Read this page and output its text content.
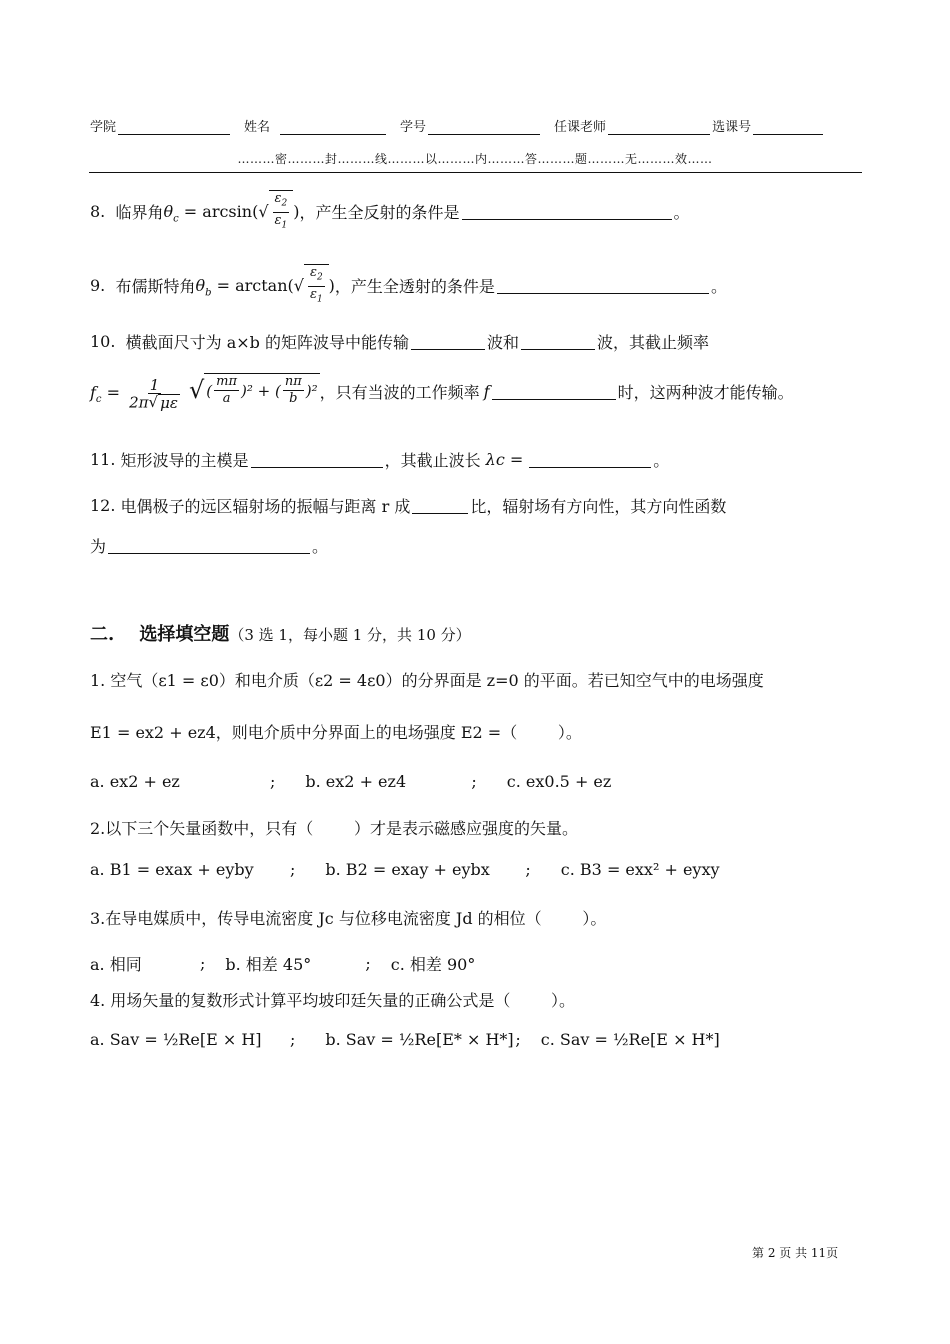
学院	姓名	学号	任课老师	选课号
………密………封………线………以………内………答………题………无………效……
8.
临界角 $\theta_c = \arcsin(√ \frac{\varepsilon_2}{\varepsilon_1}$ ) ，产生全反射的条件是	。
9.
布儒斯特角 $\theta_b = \arctan(√ \frac{\varepsilon_2}{\varepsilon_1}$ ) ，产生全透射的条件是	。
10.
横截面尺寸为 a×b 的矩阵波导中能传输	波和	波，其截止频率
$f_c = \frac{1}{2\pi√ \mu\varepsilon}$ √ ( $\frac{m\pi}{a} )^2$ + ( $\frac{n\pi}{b} )^2$ ，只有当波的工作频率 f	时，这两种波才能传输。
11.
矩形波导的主模是	，其截止波长
λc =	。
12.
电偶极子的远区辐射场的振幅与距离 r 成	比，辐射场有方向性，其方向性函数
为	。
二.    选择填空题（3 选 1，每小题 1 分，共 10 分）
1. 空气（ε1 = ε0）和电介质（ε2 = 4ε0）的分界面是 z=0 的平面。若已知空气中的电场强度
E1 = ex2 + ez4，则电介质中分界面上的电场强度 E2 =（        ）。
a. ex2 + ez	; b. ex2 + ez4	; c. ex0.5 + ez
2.以下三个矢量函数中，只有（        ）才是表示磁感应强度的矢量。
a. B1 = exax + eyby	; b. B2 = exay + eybx	; c. B3 = exx² + eyxy
3.在导电媒质中，传导电流密度 Jc 与位移电流密度 Jd 的相位（        ）。
a. 相同	; b. 相差 45°	; c. 相差 90°
4. 用场矢量的复数形式计算平均坡印廷矢量的正确公式是（        ）。
a. Sav = ½Re[E × H]	; b. Sav = ½Re[E* × H*] ; c. Sav = ½Re[E × H*]
第 2 页 共 11页
